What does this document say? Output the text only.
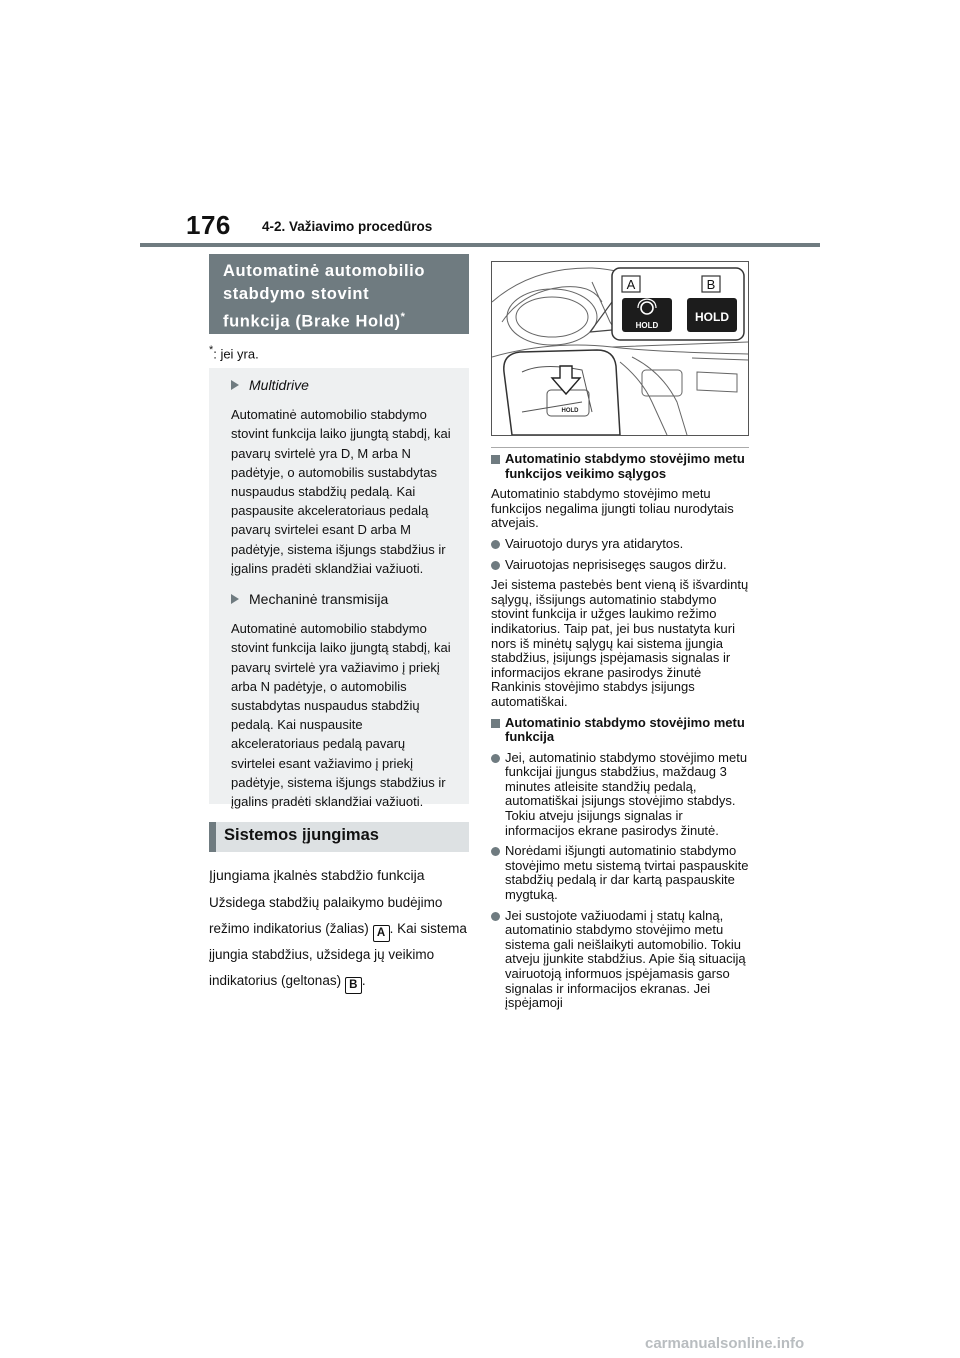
176 4-2. Važiavimo procedūros
Automatinė automobilio
stabdymo stovint
funkcija (Brake Hold)*
*: jei yra.
Multidrive

Automatinė automobilio stabdymo stovint funkcija laiko įjungtą stabdį, kai pavarų svirtelė yra D, M arba N padėtyje, o automobilis sustabdytas nuspaudus stabdžių pedalą. Kai paspausite akceleratoriaus pedalą pavarų svirtelei esant D arba M padėtyje, sistema išjungs stabdžius ir įgalins pradėti sklandžiai važiuoti.

Mechaninė transmisija

Automatinė automobilio stabdymo stovint funkcija laiko įjungtą stabdį, kai pavarų svirtelė yra važiavimo į priekį arba N padėtyje, o automobilis sustabdytas nuspaudus stabdžių pedalą. Kai nuspausite akceleratoriaus pedalą pavarų svirtelei esant važiavimo į priekį padėtyje, sistema išjungs stabdžius ir įgalins pradėti sklandžiai važiuoti.

Sistemos įjungimas
Įjungiama įkalnės stabdžio funkcija
Užsidega stabdžių palaikymo budėjimo režimo indikatorius (žalias) A . Kai sistema įjungia stabdžius, užsidega jų veikimo indikatorius (geltonas) B .
A	B
HOLD
HOLD
HOLD
Automatinio stabdymo stovėjimo metu funkcijos veikimo sąlygos

Automatinio stabdymo stovėjimo metu funkcijos negalima įjungti toliau nurodytais atvejais.

Vairuotojo durys yra atidarytos.
Vairuotojas neprisisegęs saugos diržu.

Jei sistema pastebės bent vieną iš išvardintų sąlygų, išsijungs automatinio stabdymo stovint funkcija ir užges laukimo režimo indikatorius. Taip pat, jei bus nustatyta kuri nors iš minėtų sąlygų kai sistema įjungia stabdžius, įsijungs įspėjamasis signalas ir informacijos ekrane pasirodys žinutė Rankinis stovėjimo stabdys įsijungs automatiškai.

Automatinio stabdymo stovėjimo metu funkcija
Jei, automatinio stabdymo stovėjimo metu funkcijai įjungus stabdžius, maždaug 3 minutes atleisite standžių pedalą, automatiškai įsijungs stovėjimo stabdys. Tokiu atveju įsijungs signalas ir informacijos ekrane pasirodys žinutė.
Norėdami išjungti automatinio stabdymo stovėjimo metu sistemą tvirtai paspauskite stabdžių pedalą ir dar kartą paspauskite mygtuką.
Jei sustojote važiuodami į statų kalną, automatinio stabdymo stovėjimo metu sistema gali neišlaikyti automobilio. Tokiu atveju įjunkite stabdžius. Apie šią situaciją vairuotoją informuos įspėjamasis garso signalas ir informacijos ekranas. Jei įspėjamoji
carmanualsonline.info
